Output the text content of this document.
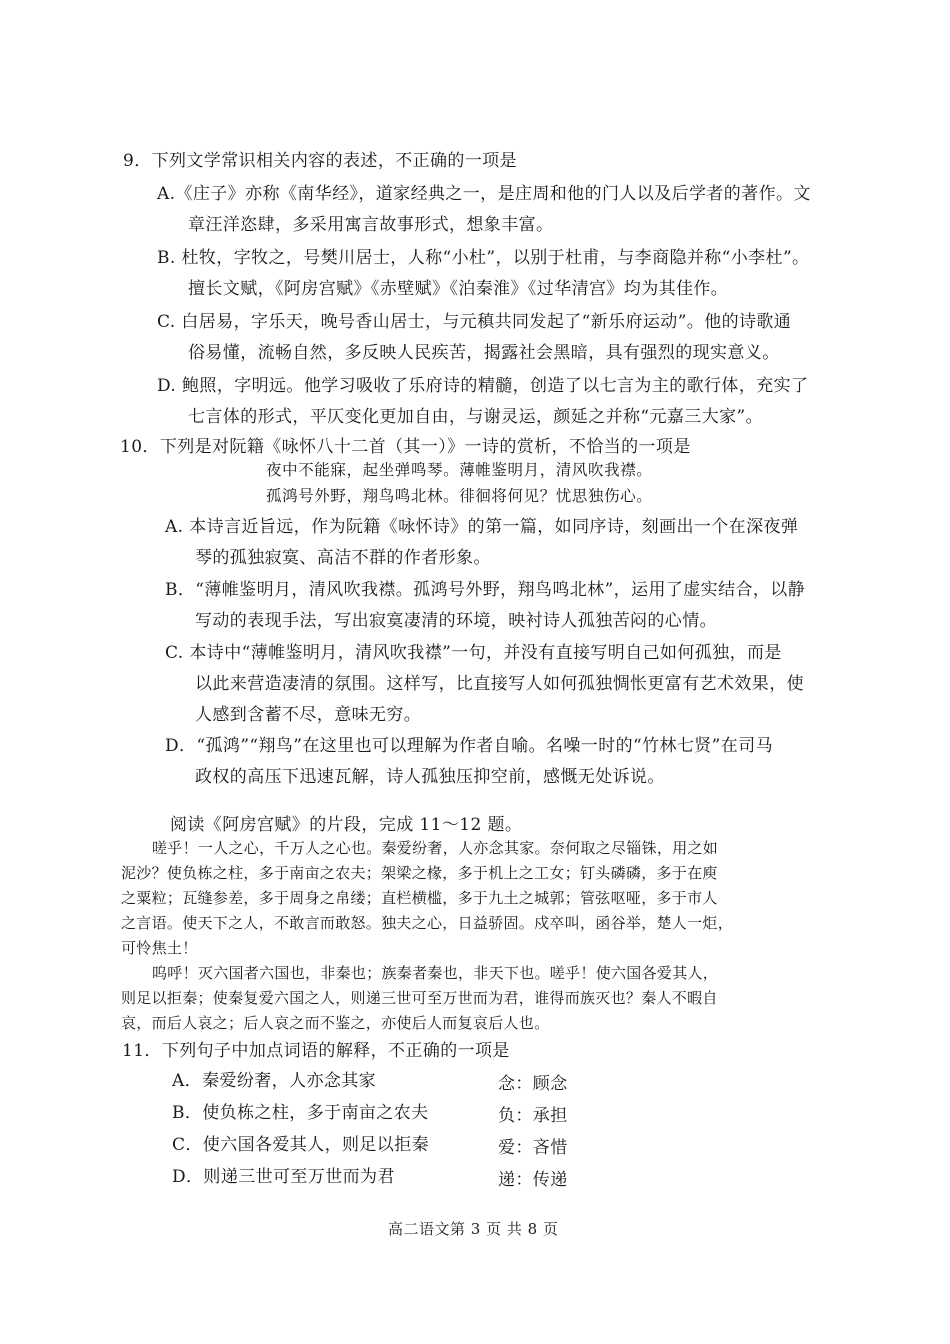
9．下列文学常识相关内容的表述，不正确的一项是
A.《庄子》亦称《南华经》，道家经典之一，是庄周和他的门人以及后学者的著作。文
章汪洋恣肆，多采用寓言故事形式，想象丰富。
B. 杜牧，字牧之，号樊川居士，人称“小杜”，以别于杜甫，与李商隐并称“小李杜”。
擅长文赋，《阿房宫赋》《赤壁赋》《泊秦淮》《过华清宫》均为其佳作。
C. 白居易，字乐天，晚号香山居士，与元稹共同发起了“新乐府运动”。他的诗歌通
俗易懂，流畅自然，多反映人民疾苦，揭露社会黑暗，具有强烈的现实意义。
D. 鲍照，字明远。他学习吸收了乐府诗的精髓，创造了以七言为主的歌行体，充实了
七言体的形式，平仄变化更加自由，与谢灵运，颜延之并称“元嘉三大家”。
10．下列是对阮籍《咏怀八十二首（其一）》一诗的赏析，不恰当的一项是
夜中不能寐，起坐弹鸣琴。薄帷鉴明月，清风吹我襟。
孤鸿号外野，翔鸟鸣北林。徘徊将何见？忧思独伤心。
A. 本诗言近旨远，作为阮籍《咏怀诗》的第一篇，如同序诗，刻画出一个在深夜弹
琴的孤独寂寞、高洁不群的作者形象。
B．“薄帷鉴明月，清风吹我襟。孤鸿号外野，翔鸟鸣北林”，运用了虚实结合，以静
写动的表现手法，写出寂寞凄清的环境，映衬诗人孤独苦闷的心情。
C. 本诗中“薄帷鉴明月，清风吹我襟”一句，并没有直接写明自己如何孤独，而是
以此来营造凄清的氛围。这样写，比直接写人如何孤独惆怅更富有艺术效果，使
人感到含蓄不尽，意味无穷。
D．“孤鸿”“翔鸟”在这里也可以理解为作者自喻。名噪一时的“竹林七贤”在司马
政权的高压下迅速瓦解，诗人孤独压抑空前，感慨无处诉说。
阅读《阿房宫赋》的片段，完成 11～12 题。
嗟乎！一人之心，千万人之心也。秦爱纷奢，人亦念其家。奈何取之尽锱铢，用之如
泥沙？使负栋之柱，多于南亩之农夫；架梁之椽，多于机上之工女；钉头磷磷，多于在庾
之粟粒；瓦缝参差，多于周身之帛缕；直栏横槛，多于九土之城郭；管弦呕哑，多于市人
之言语。使天下之人，不敢言而敢怒。独夫之心，日益骄固。戍卒叫，函谷举，楚人一炬，
可怜焦土！
呜呼！灭六国者六国也，非秦也；族秦者秦也，非天下也。嗟乎！使六国各爱其人，
则足以拒秦；使秦复爱六国之人，则递三世可至万世而为君，谁得而族灭也？秦人不暇自
哀，而后人哀之；后人哀之而不鉴之，亦使后人而复哀后人也。
11．下列句子中加点词语的解释，不正确的一项是
A．秦爱纷奢，人亦念其家	念：顾念
B．使负栋之柱，多于南亩之农夫	负：承担
C．使六国各爱其人，则足以拒秦	爱：吝惜
D．则递三世可至万世而为君	递：传递
高二语文第 3 页 共 8 页
